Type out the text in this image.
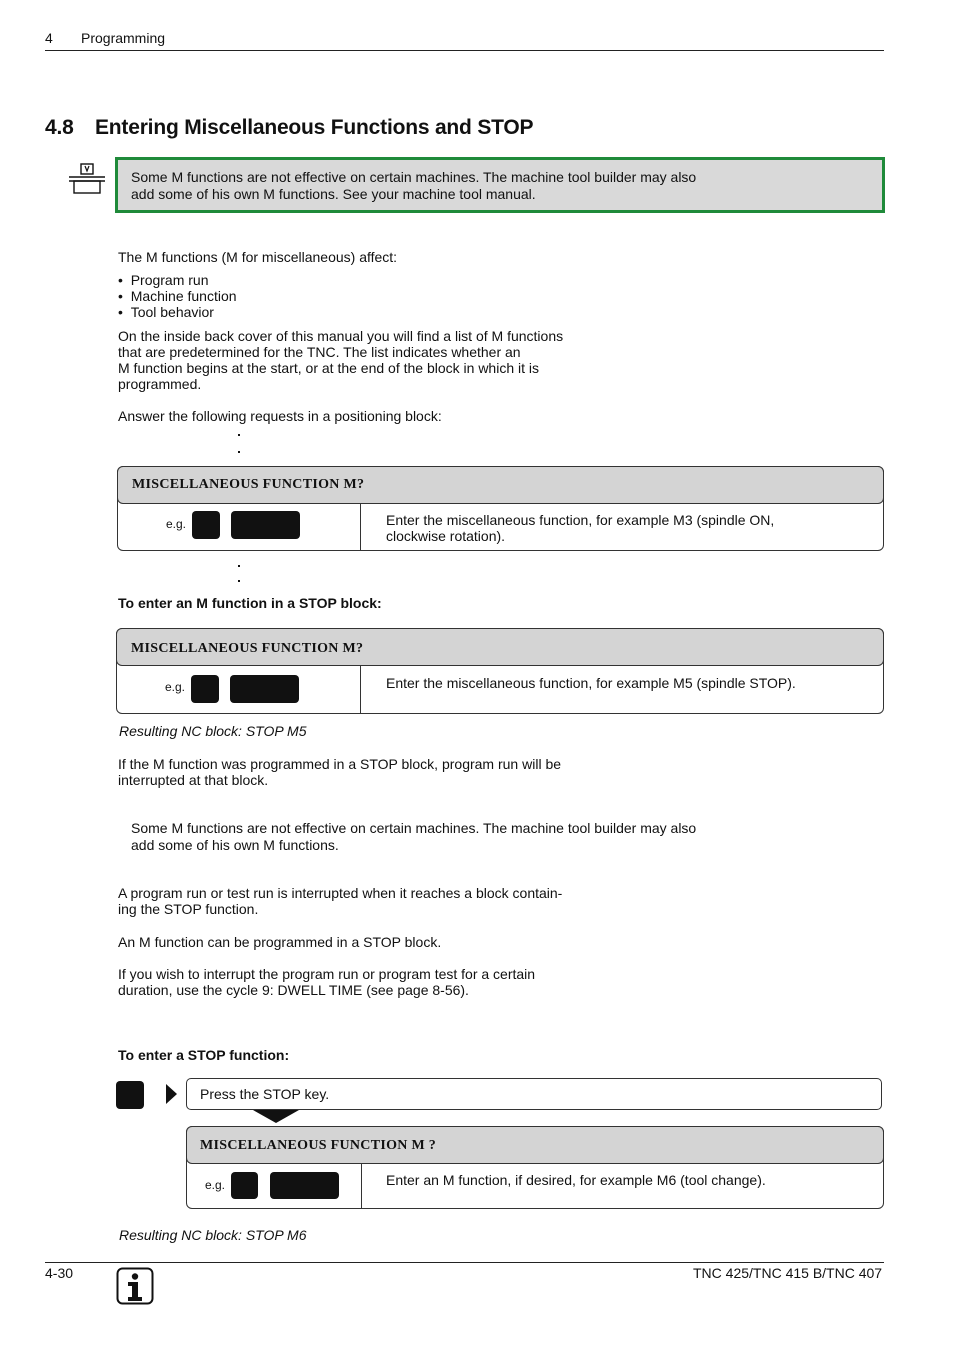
4 Programming
4.8 Entering Miscellaneous Functions and STOP

Some M functions are not effective on certain machines. The machine tool builder may also
add some of his own M functions. See your machine tool manual.

The M functions (M for miscellaneous) affect:

•  Program run

•  Machine function

•  Tool behavior

On the inside back cover of this manual you will find a list of M functions
that are predetermined for the TNC. The list indicates whether an
M function begins at the start, or at the end of the block in which it is
programmed.

Answer the following requests in a positioning block:

MISCELLANEOUS FUNCTION M?
e.g.	Enter the miscellaneous function, for example M3 (spindle ON,
clockwise rotation).

To enter an M function in a STOP block:

MISCELLANEOUS FUNCTION M?
e.g.	Enter the miscellaneous function, for example M5 (spindle STOP).

Resulting NC block: STOP M5

If the M function was programmed in a STOP block, program run will be
interrupted at that block.

Some M functions are not effective on certain machines. The machine tool builder may also
add some of his own M functions.

A program run or test run is interrupted when it reaches a block contain-
ing the STOP function.

An M function can be programmed in a STOP block.

If you wish to interrupt the program run or program test for a certain
duration, use the cycle 9: DWELL TIME (see page 8-56).

To enter a STOP function:

Press the STOP key.
MISCELLANEOUS FUNCTION M ?
e.g.	Enter an M function, if desired, for example M6 (tool change).

Resulting NC block: STOP M6

4-30	TNC 425/TNC 415 B/TNC 407
